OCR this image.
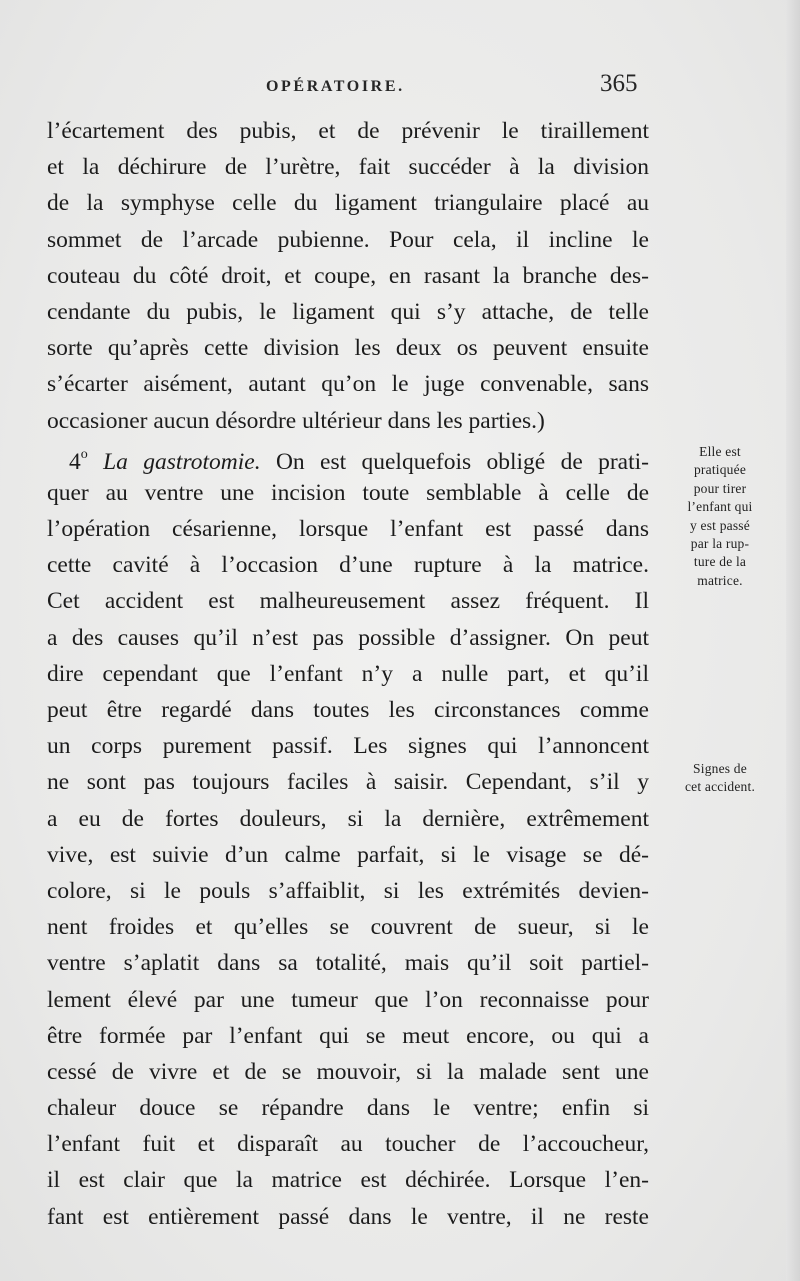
OPÉRATOIRE.	365
l’écartement des pubis, et de prévenir le tiraillement
et la déchirure de l’urètre, fait succéder à la division
de la symphyse celle du ligament triangulaire placé au
sommet de l’arcade pubienne. Pour cela, il incline le
couteau du côté droit, et coupe, en rasant la branche des-
cendante du pubis, le ligament qui s’y attache, de telle
sorte qu’après cette division les deux os peuvent ensuite
s’écarter aisément, autant qu’on le juge convenable, sans
occasioner aucun désordre ultérieur dans les parties.)
4$^o$ La gastrotomie. On est quelquefois obligé de prati-
quer au ventre une incision toute semblable à celle de
l’opération césarienne, lorsque l’enfant est passé dans
cette cavité à l’occasion d’une rupture à la matrice.
Cet accident est malheureusement assez fréquent. Il
a des causes qu’il n’est pas possible d’assigner. On peut
dire cependant que l’enfant n’y a nulle part, et qu’il
peut être regardé dans toutes les circonstances comme
un corps purement passif. Les signes qui l’annoncent
ne sont pas toujours faciles à saisir. Cependant, s’il y
a eu de fortes douleurs, si la dernière, extrêmement
vive, est suivie d’un calme parfait, si le visage se dé-
colore, si le pouls s’affaiblit, si les extrémités devien-
nent froides et qu’elles se couvrent de sueur, si le
ventre s’aplatit dans sa totalité, mais qu’il soit partiel-
lement élevé par une tumeur que l’on reconnaisse pour
être formée par l’enfant qui se meut encore, ou qui a
cessé de vivre et de se mouvoir, si la malade sent une
chaleur douce se répandre dans le ventre; enfin si
l’enfant fuit et disparaît au toucher de l’accoucheur,
il est clair que la matrice est déchirée. Lorsque l’en-
fant est entièrement passé dans le ventre, il ne reste
Elle est
pratiquée
pour tirer
l’enfant qui
y est passé
par la rup-
ture de la
matrice.
Signes de
cet accident.
